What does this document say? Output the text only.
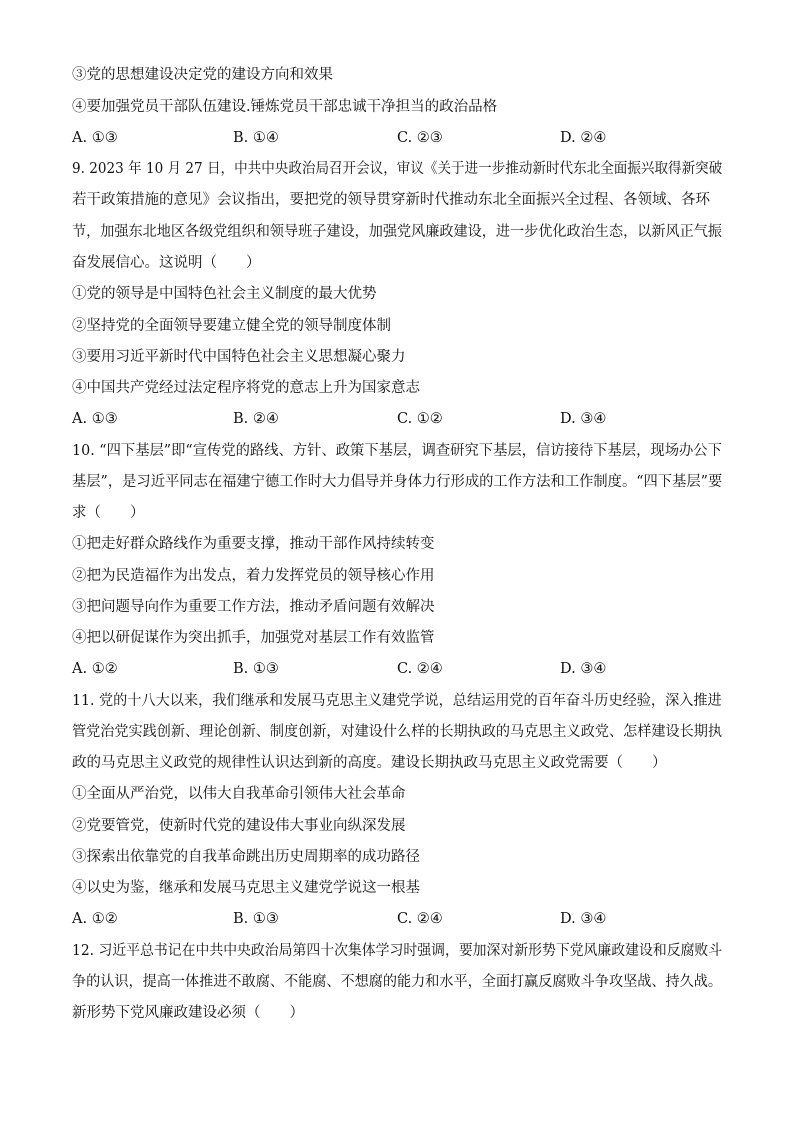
③党的思想建设决定党的建设方向和效果
④要加强党员干部队伍建设.锤炼党员干部忠诚干净担当的政治品格
A. ①③	B. ①④	C. ②③	D. ②④
9. 2023 年 10 月 27 日，中共中央政治局召开会议，审议《关于进一步推动新时代东北全面振兴取得新突破
若干政策措施的意见》会议指出，要把党的领导贯穿新时代推动东北全面振兴全过程、各领域、各环
节，加强东北地区各级党组织和领导班子建设，加强党风廉政建设，进一步优化政治生态，以新风正气振
奋发展信心。这说明（　　）
①党的领导是中国特色社会主义制度的最大优势
②坚持党的全面领导要建立健全党的领导制度体制
③要用习近平新时代中国特色社会主义思想凝心聚力
④中国共产党经过法定程序将党的意志上升为国家意志
A. ①③	B. ②④	C. ①②	D. ③④
10. “四下基层”即“宣传党的路线、方针、政策下基层，调查研究下基层，信访接待下基层，现场办公下
基层”，是习近平同志在福建宁德工作时大力倡导并身体力行形成的工作方法和工作制度。“四下基层”要
求（　　）
①把走好群众路线作为重要支撑，推动干部作风持续转变
②把为民造福作为出发点，着力发挥党员的领导核心作用
③把问题导向作为重要工作方法，推动矛盾问题有效解决
④把以研促谋作为突出抓手，加强党对基层工作有效监管
A. ①②	B. ①③	C. ②④	D. ③④
11. 党的十八大以来，我们继承和发展马克思主义建党学说，总结运用党的百年奋斗历史经验，深入推进
管党治党实践创新、理论创新、制度创新，对建设什么样的长期执政的马克思主义政党、怎样建设长期执
政的马克思主义政党的规律性认识达到新的高度。建设长期执政马克思主义政党需要（　　）
①全面从严治党，以伟大自我革命引领伟大社会革命
②党要管党，使新时代党的建设伟大事业向纵深发展
③探索出依靠党的自我革命跳出历史周期率的成功路径
④以史为鉴，继承和发展马克思主义建党学说这一根基
A. ①②	B. ①③	C. ②④	D. ③④
12. 习近平总书记在中共中央政治局第四十次集体学习时强调，要加深对新形势下党风廉政建设和反腐败斗
争的认识，提高一体推进不敢腐、不能腐、不想腐的能力和水平，全面打赢反腐败斗争攻坚战、持久战。
新形势下党风廉政建设必须（　　）
